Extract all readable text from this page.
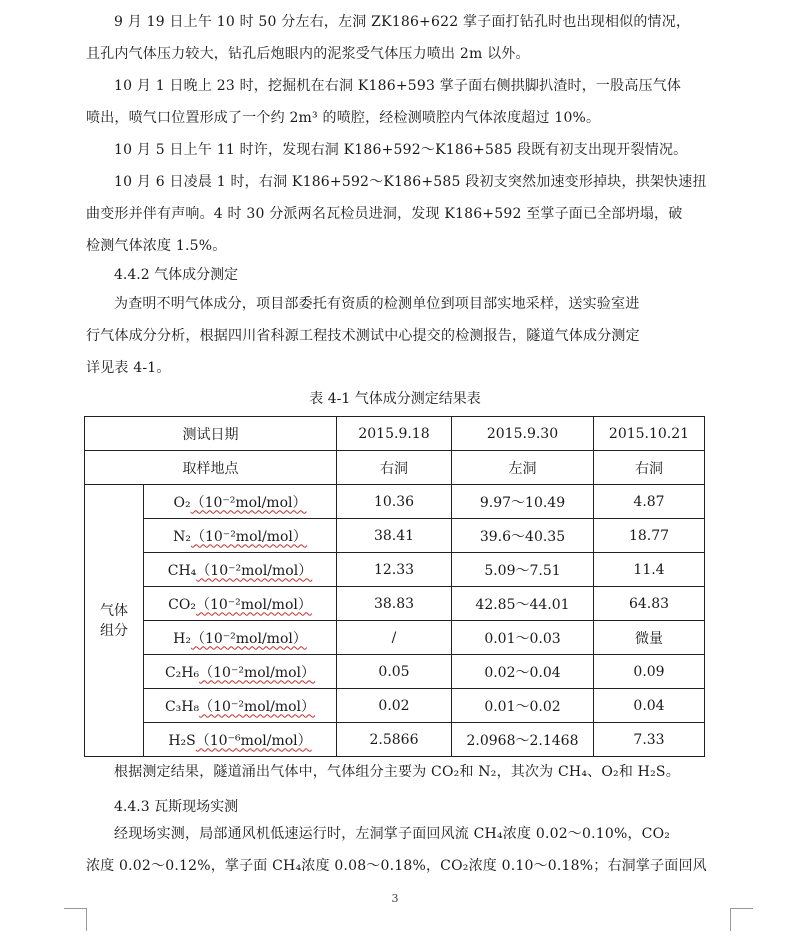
9 月 19 日上午 10 时 50 分左右，左洞 ZK186+622 掌子面打钻孔时也出现相似的情况，

且孔内气体压力较大，钻孔后炮眼内的泥浆受气体压力喷出 2m 以外。

10 月 1 日晚上 23 时，挖掘机在右洞 K186+593 掌子面右侧拱脚扒渣时，一股高压气体

喷出，喷气口位置形成了一个约 2m³ 的喷腔，经检测喷腔内气体浓度超过 10%。

10 月 5 日上午 11 时许，发现右洞 K186+592～K186+585 段既有初支出现开裂情况。

10 月 6 日凌晨 1 时，右洞 K186+592～K186+585 段初支突然加速变形掉块，拱架快速扭

曲变形并伴有声响。4 时 30 分派两名瓦检员进洞，发现 K186+592 至掌子面已全部坍塌，破

检测气体浓度 1.5%。

4.4.2 气体成分测定

为查明不明气体成分，项目部委托有资质的检测单位到项目部实地采样，送实验室进

行气体成分分析，根据四川省科源工程技术测试中心提交的检测报告，隧道气体成分测定

详见表 4-1。

表 4-1 气体成分测定结果表
测试日期		2015.9.18	2015.9.30	2015.10.21
取样地点		右洞	左洞	右洞

气体
组分	O₂（10⁻²mol/mol）	10.36	9.97～10.49	4.87
	N₂（10⁻²mol/mol）	38.41	39.6～40.35	18.77
	CH₄（10⁻²mol/mol）	12.33	5.09～7.51	11.4
	CO₂（10⁻²mol/mol）	38.83	42.85～44.01	64.83
	H₂（10⁻²mol/mol）	/	0.01～0.03	微量
	C₂H₆（10⁻²mol/mol）	0.05	0.02～0.04	0.09
	C₃H₈（10⁻²mol/mol）	0.02	0.01～0.02	0.04
	H₂S（10⁻⁶mol/mol）	2.5866	2.0968～2.1468	7.33

根据测定结果，隧道涌出气体中，气体组分主要为 CO₂和 N₂，其次为 CH₄、O₂和 H₂S。

4.4.3 瓦斯现场实测

经现场实测，局部通风机低速运行时，左洞掌子面回风流 CH₄浓度 0.02～0.10%，CO₂

浓度 0.02～0.12%，掌子面 CH₄浓度 0.08～0.18%，CO₂浓度 0.10～0.18%；右洞掌子面回风

3
